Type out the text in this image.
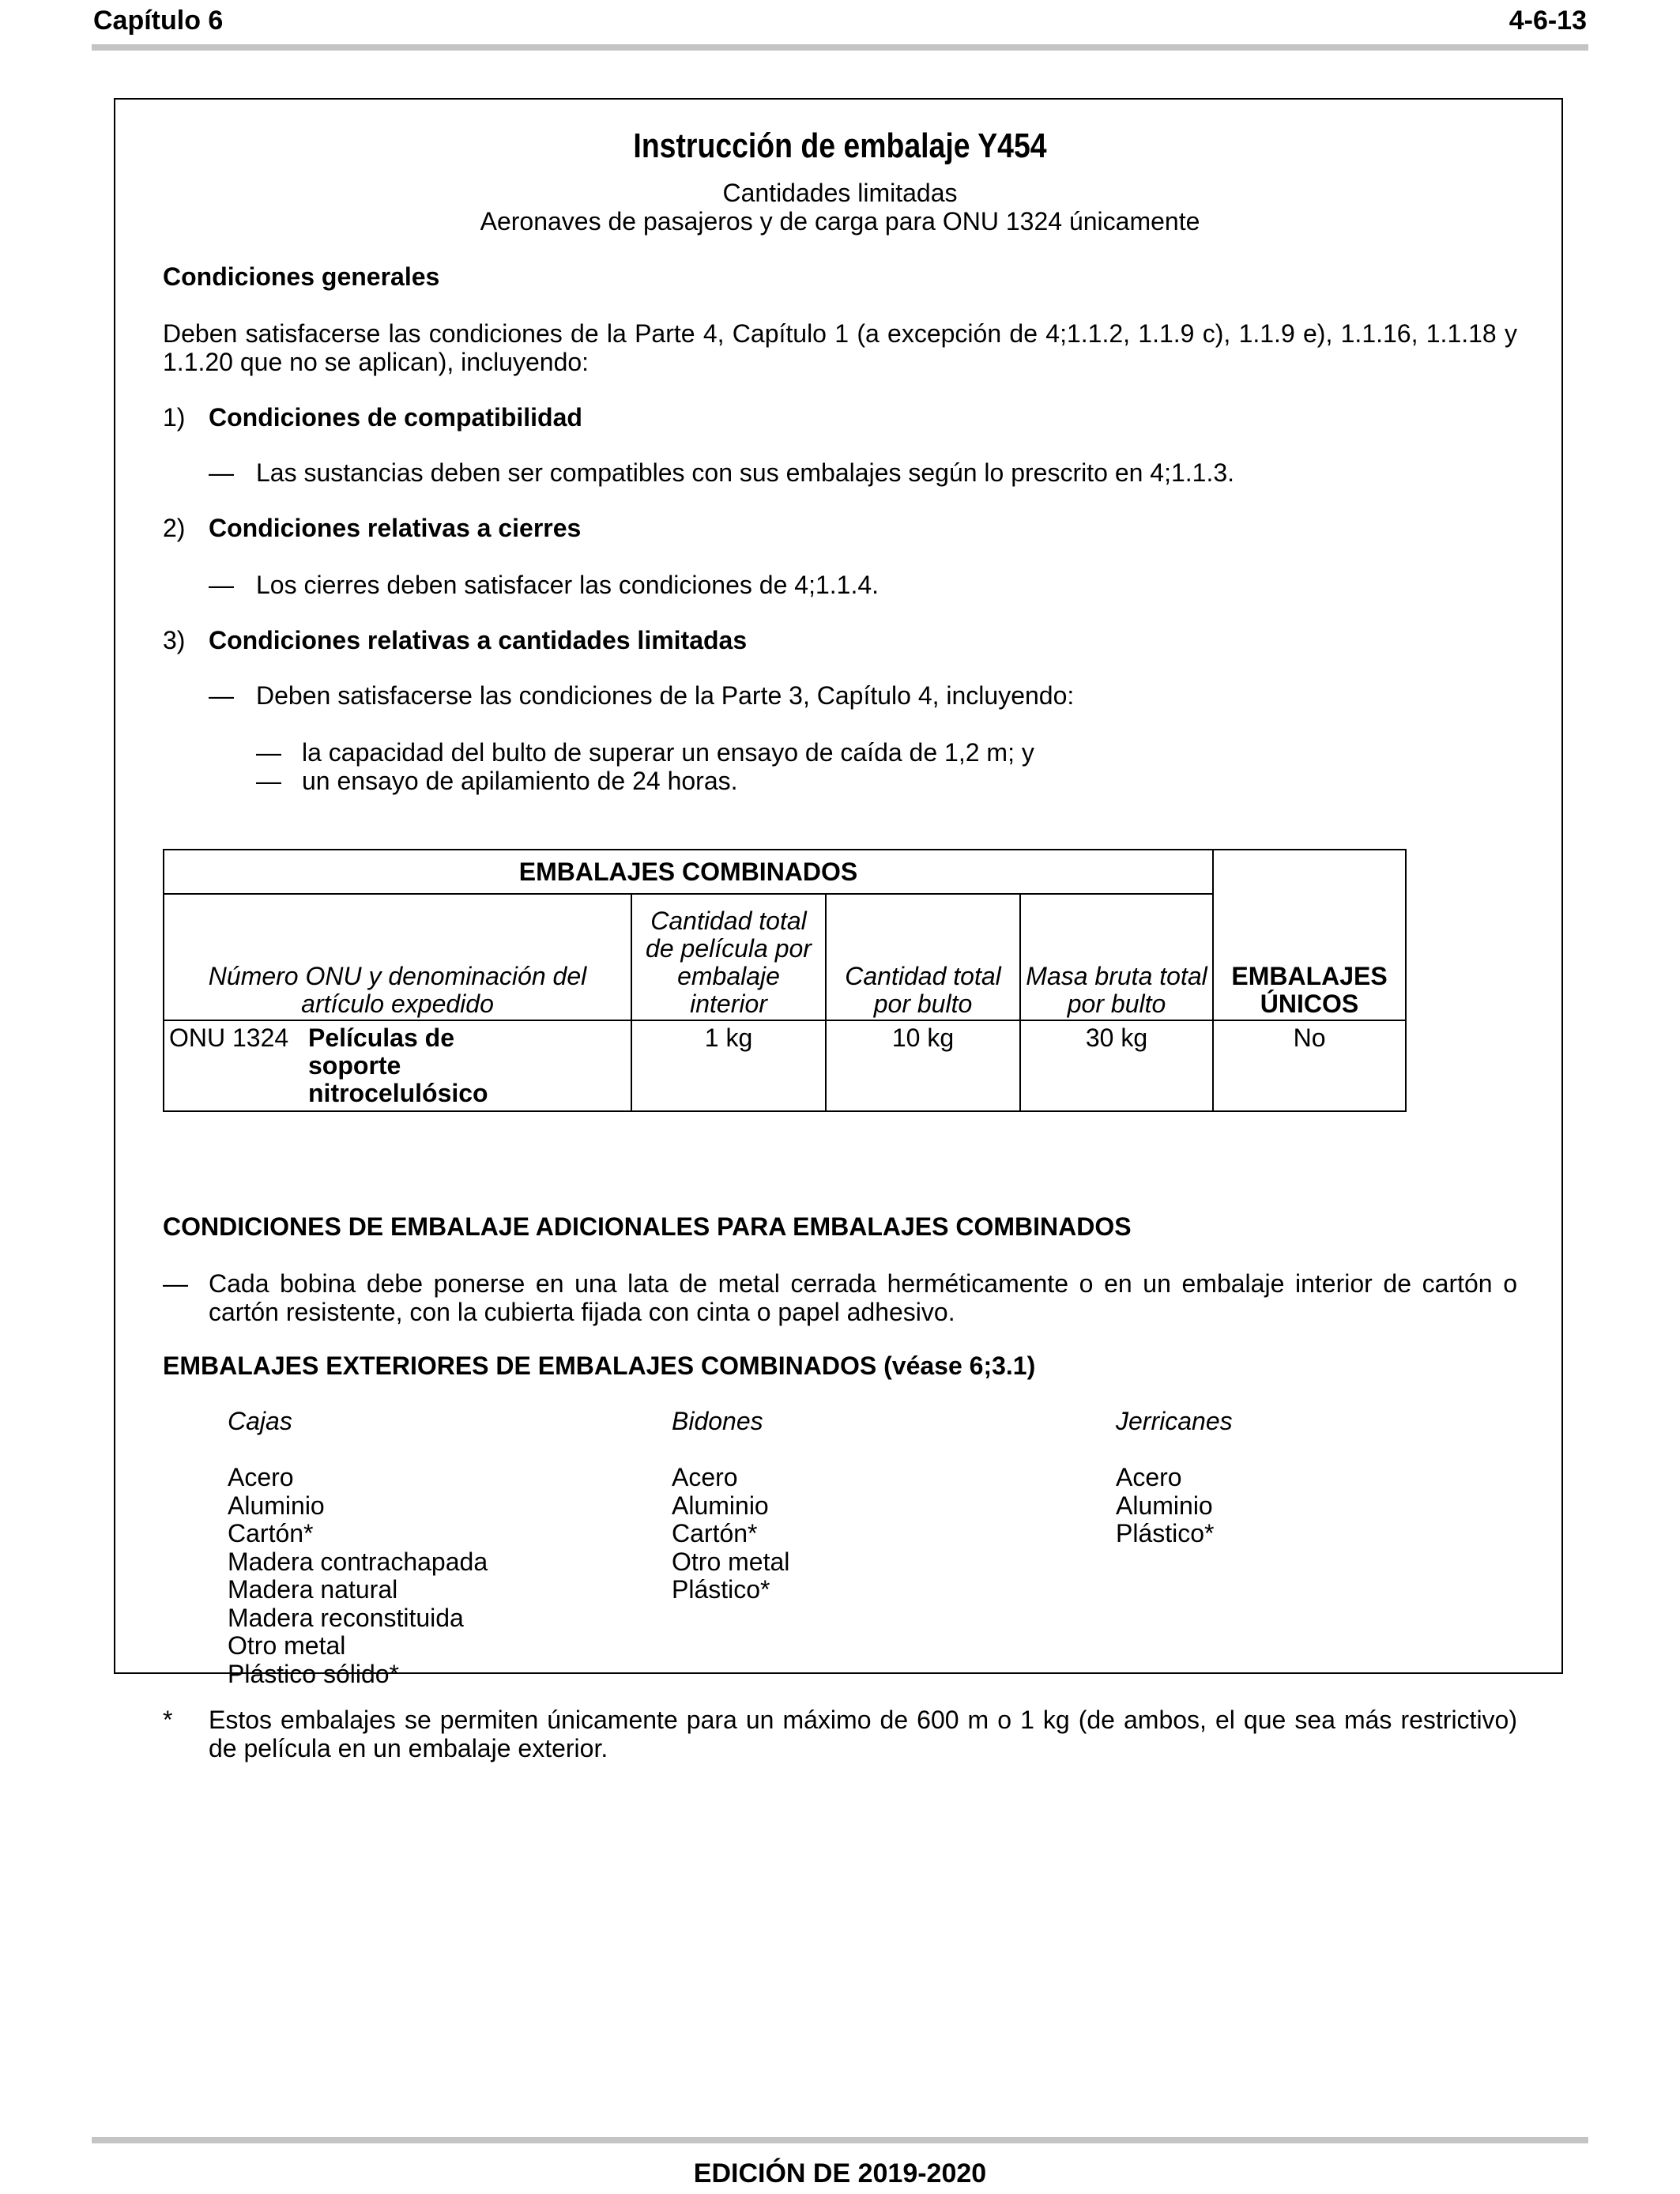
Capítulo 6	4-6-13
Instrucción de embalaje Y454
Cantidades limitadas
Aeronaves de pasajeros y de carga para ONU 1324 únicamente
Condiciones generales
Deben satisfacerse las condiciones de la Parte 4, Capítulo 1 (a excepción de 4;1.1.2, 1.1.9 c), 1.1.9 e), 1.1.16, 1.1.18 y 1.1.20 que no se aplican), incluyendo:
1) Condiciones de compatibilidad
— Las sustancias deben ser compatibles con sus embalajes según lo prescrito en 4;1.1.3.
2) Condiciones relativas a cierres
— Los cierres deben satisfacer las condiciones de 4;1.1.4.
3) Condiciones relativas a cantidades limitadas
— Deben satisfacerse las condiciones de la Parte 3, Capítulo 4, incluyendo:
— la capacidad del bulto de superar un ensayo de caída de 1,2 m; y
— un ensayo de apilamiento de 24 horas.
EMBALAJES COMBINADOS				EMBALAJES ÚNICOS
Número ONU y denominación del artículo expedido	Cantidad total de película por embalaje interior	Cantidad total por bulto	Masa bruta total por bulto	

ONU 1324 Películas de soporte nitrocelulósico	1 kg	10 kg	30 kg	No
CONDICIONES DE EMBALAJE ADICIONALES PARA EMBALAJES COMBINADOS
— Cada bobina debe ponerse en una lata de metal cerrada herméticamente o en un embalaje interior de cartón o cartón resistente, con la cubierta fijada con cinta o papel adhesivo.
EMBALAJES EXTERIORES DE EMBALAJES COMBINADOS (véase 6;3.1)
Cajas
Acero
Aluminio
Cartón*
Madera contrachapada
Madera natural
Madera reconstituida
Otro metal
Plástico sólido*
Bidones
Acero
Aluminio
Cartón*
Otro metal
Plástico*
Jerricanes
Acero
Aluminio
Plástico*
* Estos embalajes se permiten únicamente para un máximo de 600 m o 1 kg (de ambos, el que sea más restrictivo) de película en un embalaje exterior.
EDICIÓN DE 2019-2020
